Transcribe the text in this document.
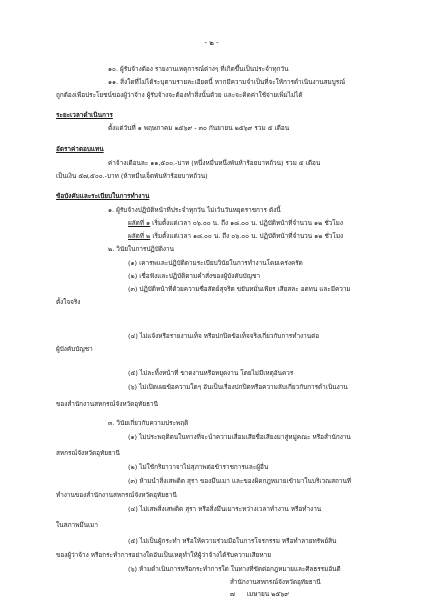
- ๒ -
๑๐. ผู้รับจ้างต้อง รายงานเหตุการณ์ต่างๆ ที่เกิดขึ้นเป็นประจำทุกวัน
๑๑. สิ่งใดที่ไม่ได้ระบุตามรายละเอียดนี้ หากมีความจำเป็นที่จะให้การดำเนินงานสมบูรณ์
ถูกต้องเพื่อประโยชน์ของผู้ว่าจ้าง ผู้รับจ้างจะต้องทำสิ่งนั้นด้วย และจะคิดค่าใช้จ่ายเพิ่มไม่ได้
ระยะเวลาดำเนินการ
ตั้งแต่วันที่ ๑ พฤษภาคม ๒๕๖๙ - ๓๐ กันยายน ๒๕๖๙ รวม ๕ เดือน
อัตราค่าตอบแทน
ค่าจ้างเดือนละ ๑๑,๕๐๐.-บาท (หนึ่งหมื่นหนึ่งพันห้าร้อยบาทถ้วน) รวม ๕ เดือน
เป็นเงิน ๕๗,๕๐๐.-บาท (ห้าหมื่นเจ็ดพันห้าร้อยบาทถ้วน)
ข้อบังคับและระเบียบในการทำงาน
๑. ผู้รับจ้างปฏิบัติหน้าที่ประจำทุกวัน ไม่เว้นวันหยุดราชการ ดังนี้
ผลัดที่ ๑ เริ่มตั้งแต่เวลา ๐๖.๐๐ น. ถึง ๑๘.๐๐ น. ปฏิบัติหน้าที่จำนวน ๑๒ ชั่วโมง
ผลัดที่ ๒ เริ่มตั้งแต่เวลา ๑๘.๐๐ น. ถึง ๐๖.๐๐ น. ปฏิบัติหน้าที่จำนวน ๑๒ ชั่วโมง
๒. วินัยในการปฏิบัติงาน
(๑) เคารพและปฏิบัติตามระเบียบวินัยในการทำงานโดยเคร่งครัด
(๒) เชื่อฟังและปฏิบัติตามคำสั่งของผู้บังคับบัญชา
(๓) ปฏิบัติหน้าที่ด้วยความซื่อสัตย์สุจริต ขยันหมั่นเพียร เสียสละ อดทน และมีความ
ตั้งใจจริง
(๔) ไม่แจ้งหรือรายงานเท็จ หรือปกปิดข้อเท็จจริงเกี่ยวกับการทำงานต่อ
ผู้บังคับบัญชา
(๕) ไม่ละทิ้งหน้าที่ ขาดงานหรือหยุดงาน โดยไม่มีเหตุอันควร
(๖) ไม่เปิดเผยข้อความใดๆ อันเป็นเรื่องปกปิดหรือความลับเกี่ยวกับการดำเนินงาน
ของสำนักงานสหกรณ์จังหวัดอุทัยธานี
๓. วินัยเกี่ยวกับความประพฤติ
(๑) ไม่ประพฤติตนในทางที่จะนำความเสื่อมเสียชื่อเสียงมาสู่หมู่คณะ หรือสำนักงาน
สหกรณ์จังหวัดอุทัยธานี
(๒) ไม่ใช้กริยาวาจาไม่สุภาพต่อข้าราชการและผู้อื่น
(๓) ห้ามนำสิ่งเสพติด สุรา ของมึนเมา และของผิดกฎหมายเข้ามาในบริเวณสถานที่
ทำงานของสำนักงานสหกรณ์จังหวัดอุทัยธานี
(๔) ไม่เสพสิ่งเสพติด สุรา หรือสิ่งมึนเมาระหว่างเวลาทำงาน หรือทำงาน
ในสภาพมึนเมา
(๕) ไม่เป็นผู้กระทำ หรือให้ความร่วมมือในการโจรกรรม หรือทำลายทรัพย์สิน
ของผู้ว่าจ้าง หรือกระทำการอย่างใดอันเป็นเหตุทำให้ผู้ว่าจ้างได้รับความเสียหาย
(๖) ห้ามดำเนินการหรือกระทำการใด ในทางที่ขัดต่อกฎหมายและศีลธรรมอันดี
สำนักงานสหกรณ์จังหวัดอุทัยธานี
๗ เมษายน ๒๕๖๙
